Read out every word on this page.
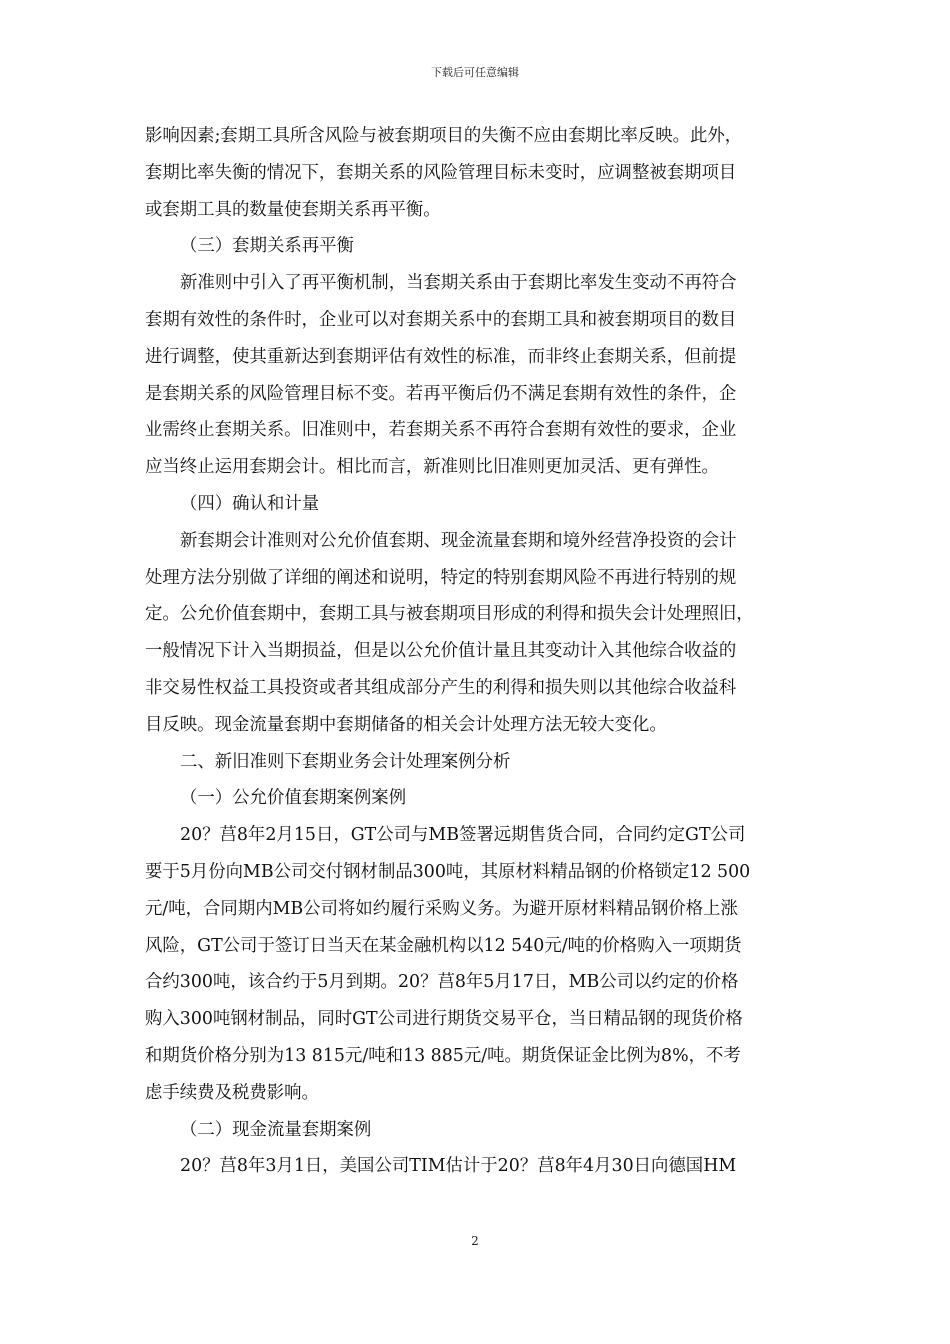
下载后可任意编辑
影响因素;套期工具所含风险与被套期项目的失衡不应由套期比率反映。此外，
套期比率失衡的情况下，套期关系的风险管理目标未变时，应调整被套期项目
或套期工具的数量使套期关系再平衡。
（三）套期关系再平衡
新准则中引入了再平衡机制，当套期关系由于套期比率发生变动不再符合
套期有效性的条件时，企业可以对套期关系中的套期工具和被套期项目的数目
进行调整，使其重新达到套期评估有效性的标准，而非终止套期关系，但前提
是套期关系的风险管理目标不变。若再平衡后仍不满足套期有效性的条件，企
业需终止套期关系。旧准则中，若套期关系不再符合套期有效性的要求，企业
应当终止运用套期会计。相比而言，新准则比旧准则更加灵活、更有弹性。
（四）确认和计量
新套期会计准则对公允价值套期、现金流量套期和境外经营净投资的会计
处理方法分别做了详细的阐述和说明，特定的特别套期风险不再进行特别的规
定。公允价值套期中，套期工具与被套期项目形成的利得和损失会计处理照旧，
一般情况下计入当期损益，但是以公允价值计量且其变动计入其他综合收益的
非交易性权益工具投资或者其组成部分产生的利得和损失则以其他综合收益科
目反映。现金流量套期中套期储备的相关会计处理方法无较大变化。
二、新旧准则下套期业务会计处理案例分析
（一）公允价值套期案例案例
20？莒8年2月15日，GT公司与MB签署远期售货合同，合同约定GT公司
要于5月份向MB公司交付钢材制品300吨，其原材料精品钢的价格锁定12 500
元/吨，合同期内MB公司将如约履行采购义务。为避开原材料精品钢价格上涨
风险，GT公司于签订日当天在某金融机构以12 540元/吨的价格购入一项期货
合约300吨，该合约于5月到期。20？莒8年5月17日，MB公司以约定的价格
购入300吨钢材制品，同时GT公司进行期货交易平仓，当日精品钢的现货价格
和期货价格分别为13 815元/吨和13 885元/吨。期货保证金比例为8%，不考
虑手续费及税费影响。
（二）现金流量套期案例
20？莒8年3月1日，美国公司TIM估计于20？莒8年4月30日向德国HM
2
